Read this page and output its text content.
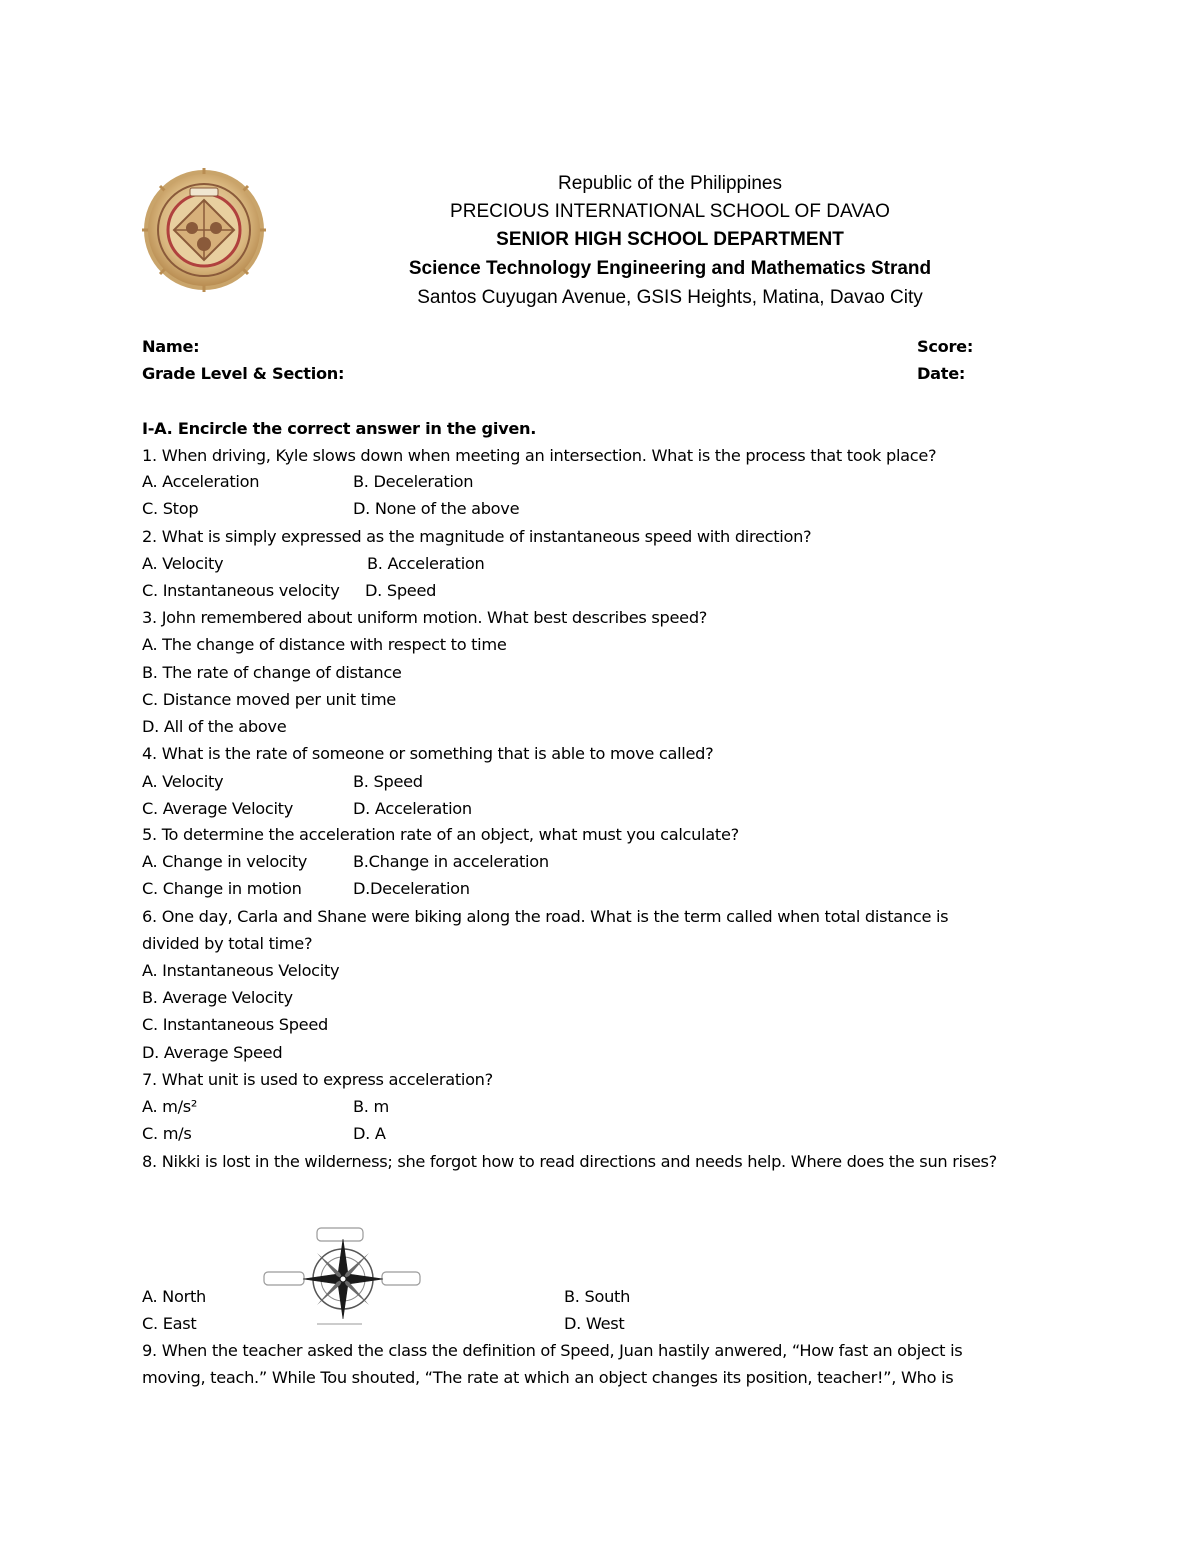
Republic of the Philippines
PRECIOUS INTERNATIONAL SCHOOL OF DAVAO
SENIOR HIGH SCHOOL DEPARTMENT
Science Technology Engineering and Mathematics Strand
Santos Cuyugan Avenue, GSIS Heights, Matina, Davao City
Name:	Score:
Grade Level & Section:	Date:
I-A. Encircle the correct answer in the given.
1. When driving, Kyle slows down when meeting an intersection. What is the process that took place?
A. Acceleration	B. Deceleration
C. Stop	D. None of the above
2. What is simply expressed as the magnitude of instantaneous speed with direction?
A. Velocity	B. Acceleration
C. Instantaneous velocity D. Speed
3. John remembered about uniform motion. What best describes speed?
A. The change of distance with respect to time
B. The rate of change of distance
C. Distance moved per unit time
D. All of the above
4. What is the rate of someone or something that is able to move called?
A. Velocity	B. Speed
C. Average Velocity	D. Acceleration
5. To determine the acceleration rate of an object, what must you calculate?
A. Change in velocity	B.Change in acceleration
C. Change in motion	D.Deceleration
6. One day, Carla and Shane were biking along the road. What is the term called when total distance is
divided by total time?
A. Instantaneous Velocity
B. Average Velocity
C. Instantaneous Speed
D. Average Speed
7. What unit is used to express acceleration?
A. m/s²	B. m
C. m/s	D. A
8. Nikki is lost in the wilderness; she forgot how to read directions and needs help. Where does the sun rises?
A. North	B. South
C. East	D. West
9. When the teacher asked the class the definition of Speed, Juan hastily anwered, “How fast an object is
moving, teach.” While Tou shouted, “The rate at which an object changes its position, teacher!”, Who is
